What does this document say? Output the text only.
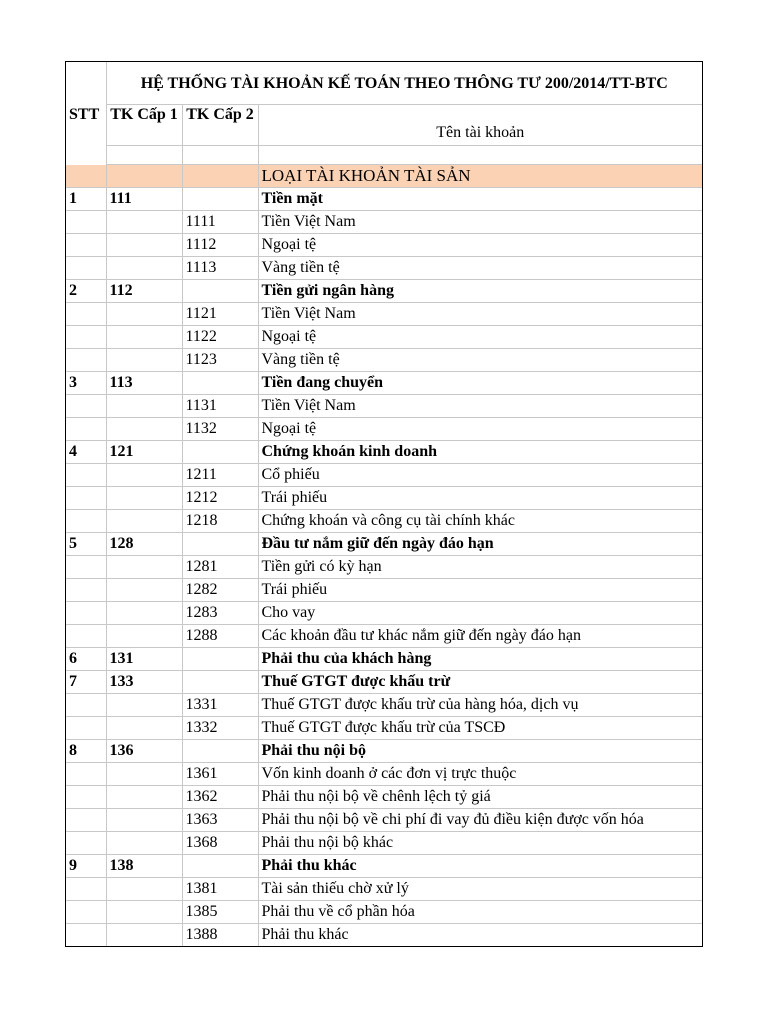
STT	HỆ THỐNG TÀI KHOẢN KẾ TOÁN THEO THÔNG TƯ 200/2014/TT-BTC		
	TK Cấp 1	TK Cấp 2	Tên tài khoản

			LOẠI TÀI KHOẢN TÀI SẢN
1	111		Tiền mặt
		1111	Tiền Việt Nam
		1112	Ngoại tệ
		1113	Vàng tiền tệ
2	112		Tiền gửi ngân hàng
		1121	Tiền Việt Nam
		1122	Ngoại tệ
		1123	Vàng tiền tệ
3	113		Tiền đang chuyển
		1131	Tiền Việt Nam
		1132	Ngoại tệ
4	121		Chứng khoán kinh doanh
		1211	Cổ phiếu
		1212	Trái phiếu
		1218	Chứng khoán và công cụ tài chính khác
5	128		Đầu tư nắm giữ đến ngày đáo hạn
		1281	Tiền gửi có kỳ hạn
		1282	Trái phiếu
		1283	Cho vay
		1288	Các khoản đầu tư khác nắm giữ đến ngày đáo hạn
6	131		Phải thu của khách hàng
7	133		Thuế GTGT được khấu trừ
		1331	Thuế GTGT được khấu trừ của hàng hóa, dịch vụ
		1332	Thuế GTGT được khấu trừ của TSCĐ
8	136		Phải thu nội bộ
		1361	Vốn kinh doanh ở các đơn vị trực thuộc
		1362	Phải thu nội bộ về chênh lệch tỷ giá
		1363	Phải thu nội bộ về chi phí đi vay đủ điều kiện được vốn hóa
		1368	Phải thu nội bộ khác
9	138		Phải thu khác
		1381	Tài sản thiếu chờ xử lý
		1385	Phải thu về cổ phần hóa
		1388	Phải thu khác
